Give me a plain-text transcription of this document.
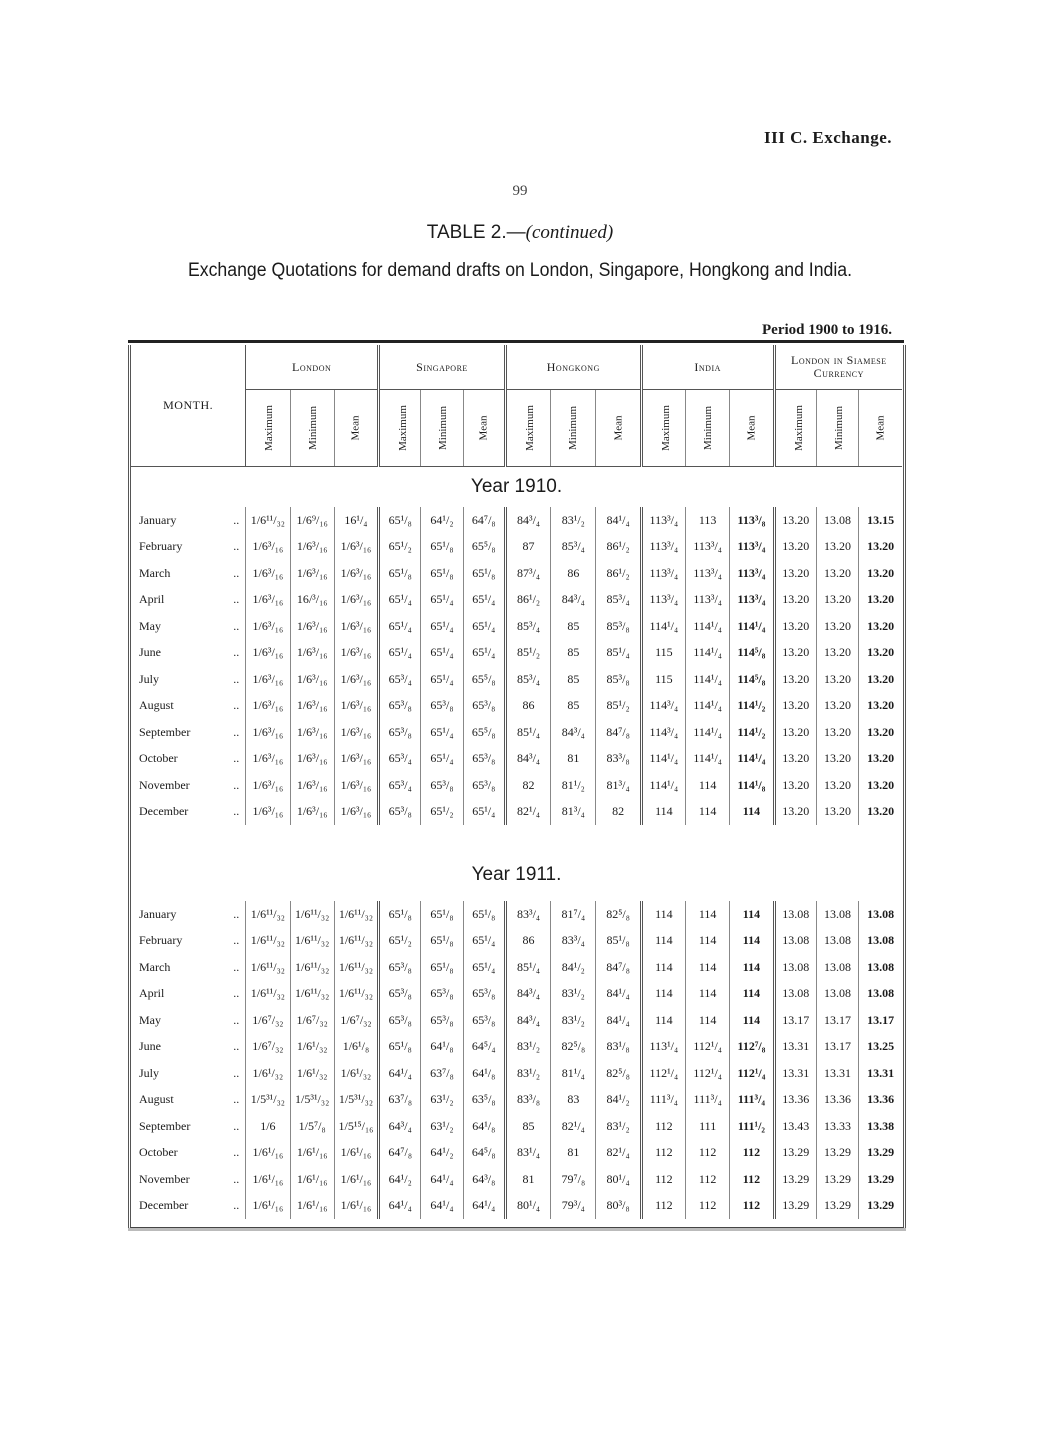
III C. Exchange.
99
TABLE 2.—(continued)
Exchange Quotations for demand drafts on London, Singapore, Hongkong and India.
Period 1900 to 1916.
MONTH.		London			Singapore			Hongkong			India			London in Siamese Currency		
		Maximum	Minimum	Mean	Maximum	Minimum	Mean	Maximum	Minimum	Mean	Maximum	Minimum	Mean	Maximum	Minimum	Mean
Year 1910.																
January	..	1/6¹¹/₃₂	1/6⁹/₁₆	16¹/₄	65¹/₈	64¹/₂	64⁷/₈	84³/₄	83¹/₂	84¹/₄	113³/₄	113	113³/₈	13.20	13.08	13.15
February	..	1/6³/₁₆	1/6³/₁₆	1/6³/₁₆	65¹/₂	65¹/₈	65⁵/₈	87	85³/₄	86¹/₂	113³/₄	113³/₄	113³/₄	13.20	13.20	13.20
March	..	1/6³/₁₆	1/6³/₁₆	1/6³/₁₆	65¹/₈	65¹/₈	65¹/₈	87³/₄	86	86¹/₂	113³/₄	113³/₄	113³/₄	13.20	13.20	13.20
April	..	1/6³/₁₆	16/³/₁₆	1/6³/₁₆	65¹/₄	65¹/₄	65¹/₄	86¹/₂	84³/₄	85³/₄	113³/₄	113³/₄	113³/₄	13.20	13.20	13.20
May	..	1/6³/₁₆	1/6³/₁₆	1/6³/₁₆	65¹/₄	65¹/₄	65¹/₄	85³/₄	85	85³/₈	114¹/₄	114¹/₄	114¹/₄	13.20	13.20	13.20
June	..	1/6³/₁₆	1/6³/₁₆	1/6³/₁₆	65¹/₄	65¹/₄	65¹/₄	85¹/₂	85	85¹/₄	115	114¹/₄	114⁵/₈	13.20	13.20	13.20
July	..	1/6³/₁₆	1/6³/₁₆	1/6³/₁₆	65³/₄	65¹/₄	65⁵/₈	85³/₄	85	85³/₈	115	114¹/₄	114⁵/₈	13.20	13.20	13.20
August	..	1/6³/₁₆	1/6³/₁₆	1/6³/₁₆	65³/₈	65³/₈	65³/₈	86	85	85¹/₂	114³/₄	114¹/₄	114¹/₂	13.20	13.20	13.20
September	..	1/6³/₁₆	1/6³/₁₆	1/6³/₁₆	65³/₈	65¹/₄	65⁵/₈	85¹/₄	84³/₄	84⁷/₈	114³/₄	114¹/₄	114¹/₂	13.20	13.20	13.20
October	..	1/6³/₁₆	1/6³/₁₆	1/6³/₁₆	65³/₄	65¹/₄	65³/₈	84³/₄	81	83³/₈	114¹/₄	114¹/₄	114¹/₄	13.20	13.20	13.20
November	..	1/6³/₁₆	1/6³/₁₆	1/6³/₁₆	65³/₄	65³/₈	65³/₈	82	81¹/₂	81³/₄	114¹/₄	114	114¹/₈	13.20	13.20	13.20
December	..	1/6³/₁₆	1/6³/₁₆	1/6³/₁₆	65³/₈	65¹/₂	65¹/₄	82¹/₄	81³/₄	82	114	114	114	13.20	13.20	13.20

Year 1911.																
January	..	1/6¹¹/₃₂	1/6¹¹/₃₂	1/6¹¹/₃₂	65¹/₈	65¹/₈	65¹/₈	83³/₄	81⁷/₄	82⁵/₈	114	114	114	13.08	13.08	13.08
February	..	1/6¹¹/₃₂	1/6¹¹/₃₂	1/6¹¹/₃₂	65¹/₂	65¹/₈	65¹/₄	86	83³/₄	85¹/₈	114	114	114	13.08	13.08	13.08
March	..	1/6¹¹/₃₂	1/6¹¹/₃₂	1/6¹¹/₃₂	65³/₈	65¹/₈	65¹/₄	85¹/₄	84¹/₂	84⁷/₈	114	114	114	13.08	13.08	13.08
April	..	1/6¹¹/₃₂	1/6¹¹/₃₂	1/6¹¹/₃₂	65³/₈	65³/₈	65³/₈	84³/₄	83¹/₂	84¹/₄	114	114	114	13.08	13.08	13.08
May	..	1/6⁷/₃₂	1/6⁷/₃₂	1/6⁷/₃₂	65³/₈	65³/₈	65³/₈	84³/₄	83¹/₂	84¹/₄	114	114	114	13.17	13.17	13.17
June	..	1/6⁷/₃₂	1/6¹/₃₂	1/6¹/₈	65¹/₈	64¹/₈	64⁵/₄	83¹/₂	82⁵/₈	83¹/₈	113¹/₄	112¹/₄	112⁷/₈	13.31	13.17	13.25
July	..	1/6¹/₃₂	1/6¹/₃₂	1/6¹/₃₂	64¹/₄	63⁷/₈	64¹/₈	83¹/₂	81¹/₄	82⁵/₈	112¹/₄	112¹/₄	112¹/₄	13.31	13.31	13.31
August	..	1/5³¹/₃₂	1/5³¹/₃₂	1/5³¹/₃₂	63⁷/₈	63¹/₂	63⁵/₈	83³/₈	83	84¹/₂	111³/₄	111³/₄	111³/₄	13.36	13.36	13.36
September	..	1/6	1/5⁷/₈	1/5¹⁵/₁₆	64³/₄	63¹/₂	64¹/₈	85	82¹/₄	83¹/₂	112	111	111¹/₂	13.43	13.33	13.38
October	..	1/6¹/₁₆	1/6¹/₁₆	1/6¹/₁₆	64⁷/₈	64¹/₂	64⁵/₈	83¹/₄	81	82¹/₄	112	112	112	13.29	13.29	13.29
November	..	1/6¹/₁₆	1/6¹/₁₆	1/6¹/₁₆	64¹/₂	64¹/₄	64³/₈	81	79⁷/₈	80¹/₄	112	112	112	13.29	13.29	13.29
December	..	1/6¹/₁₆	1/6¹/₁₆	1/6¹/₁₆	64¹/₄	64¹/₄	64¹/₄	80¹/₄	79³/₄	80³/₈	112	112	112	13.29	13.29	13.29
